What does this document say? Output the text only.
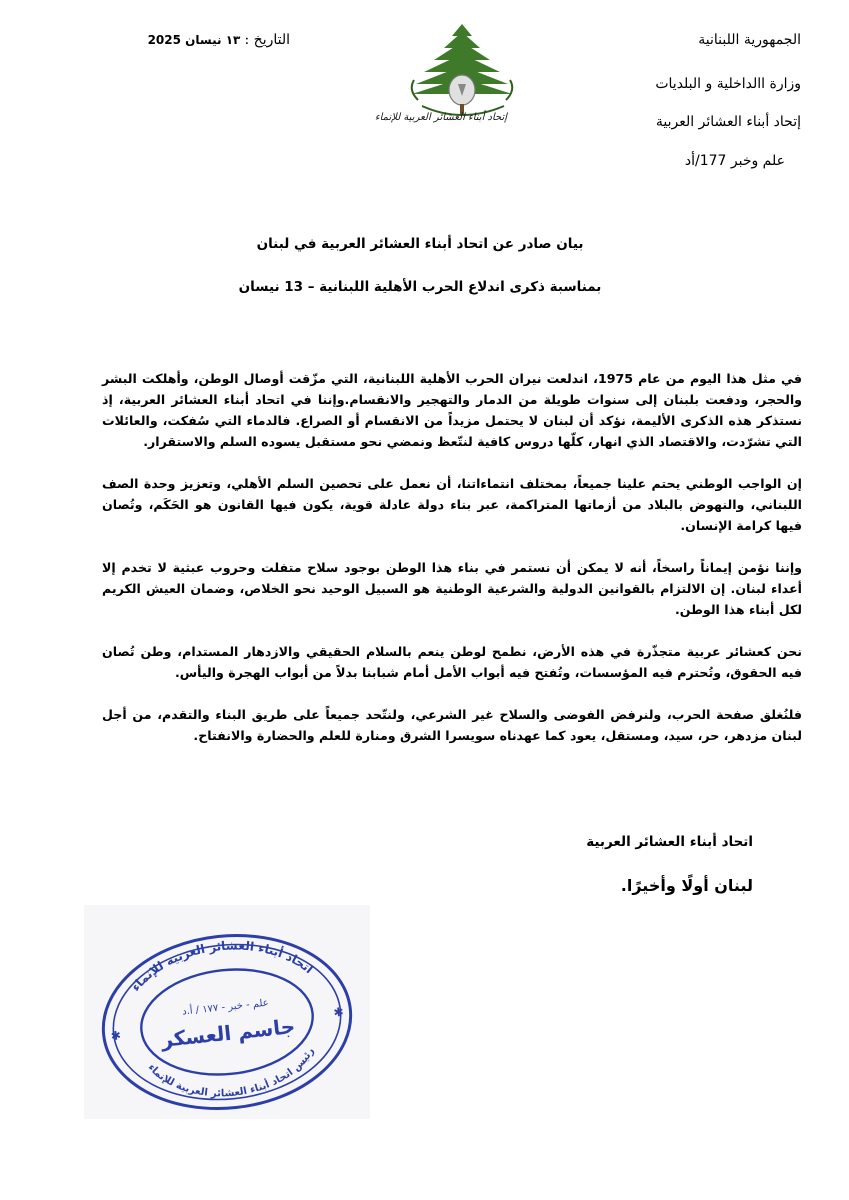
الجمهورية اللبنانية
وزارة االداخلية و البلديات
إتحاد أبناء العشائر العربية
علم وخبر 177/أد
التاريخ : ١٣ نيسان 2025
إتحاد أبناء العشائر العربية للإنماء
بيان صادر عن اتحاد أبناء العشائر العربية في لبنان
بمناسبة ذكرى اندلاع الحرب الأهلية اللبنانية – 13 نيسان

في مثل هذا اليوم من عام 1975، اندلعت نيران الحرب الأهلية اللبنانية، التي مزّقت أوصال الوطن، وأهلكت البشر والحجر، ودفعت بلبنان إلى سنوات طويلة من الدمار والتهجير والانقسام.وإننا في اتحاد أبناء العشائر العربية، إذ نستذكر هذه الذكرى الأليمة، نؤكد أن لبنان لا يحتمل مزيداً من الانقسام أو الصراع. فالدماء التي سُفكت، والعائلات التي تشرّدت، والاقتصاد الذي انهار، كلّها دروس كافية لنتّعظ ونمضي نحو مستقبل يسوده السلم والاستقرار.

إن الواجب الوطني يحتم علينا جميعاً، بمختلف انتماءاتنا، أن نعمل على تحصين السلم الأهلي، وتعزيز وحدة الصف اللبناني، والنهوض بالبلاد من أزماتها المتراكمة، عبر بناء دولة عادلة قوية، يكون فيها القانون هو الحَكَم، وتُصان فيها كرامة الإنسان.

وإننا نؤمن إيماناً راسخاً، أنه لا يمكن أن نستمر في بناء هذا الوطن بوجود سلاح متفلت وحروب عبثية لا تخدم إلا أعداء لبنان. إن الالتزام بالقوانين الدولية والشرعية الوطنية هو السبيل الوحيد نحو الخلاص، وضمان العيش الكريم لكل أبناء هذا الوطن.

نحن كعشائر عربية متجذّرة في هذه الأرض، نطمح لوطن ينعم بالسلام الحقيقي والازدهار المستدام، وطن تُصان فيه الحقوق، وتُحترم فيه المؤسسات، وتُفتح فيه أبواب الأمل أمام شبابنا بدلاً من أبواب الهجرة واليأس.

فلنُغلق صفحة الحرب، ولنرفض الفوضى والسلاح غير الشرعي، ولنتّحد جميعاً على طريق البناء والتقدم، من أجل لبنان مزدهر، حر، سيد، ومستقل، يعود كما عهدناه سويسرا الشرق ومنارة للعلم والحضارة والانفتاح.

اتحاد أبناء العشائر العربية
لبنان أولًا وأخيرًا.
اتحاد أبناء العشائر العربية للإنماء
رئيس اتحاد أبناء العشائر العربية للإنماء
علم - خبر - ١٧٧ / أ.د
جاسم العسكر
✱
✱
